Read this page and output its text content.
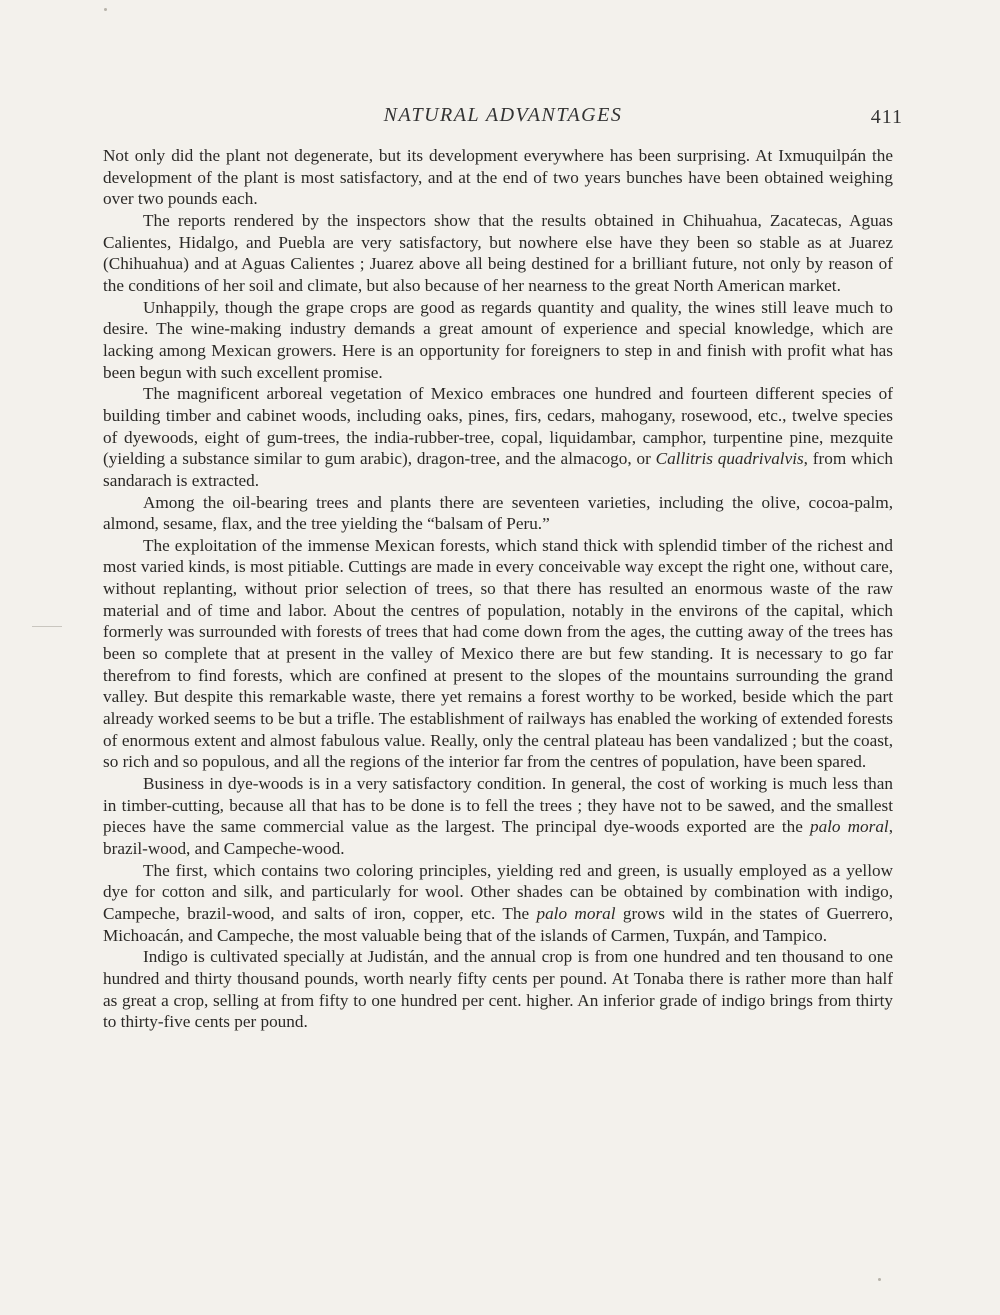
NATURAL ADVANTAGES	411

Not only did the plant not degenerate, but its development everywhere has been surprising. At Ixmuquilpán the development of the plant is most satisfactory, and at the end of two years bunches have been obtained weighing over two pounds each.

The reports rendered by the inspectors show that the results obtained in Chihuahua, Zacatecas, Aguas Calientes, Hidalgo, and Puebla are very satisfactory, but nowhere else have they been so stable as at Juarez (Chihuahua) and at Aguas Calientes ; Juarez above all being destined for a brilliant future, not only by reason of the conditions of her soil and climate, but also because of her nearness to the great North American market.

Unhappily, though the grape crops are good as regards quantity and quality, the wines still leave much to desire. The wine-making industry demands a great amount of experience and special knowledge, which are lacking among Mexican growers. Here is an opportunity for foreigners to step in and finish with profit what has been begun with such excellent promise.

The magnificent arboreal vegetation of Mexico embraces one hundred and fourteen different species of building timber and cabinet woods, including oaks, pines, firs, cedars, mahogany, rosewood, etc., twelve species of dyewoods, eight of gum-trees, the india-rubber-tree, copal, liquidambar, camphor, turpentine pine, mezquite (yielding a substance similar to gum arabic), dragon-tree, and the almacogo, or Callitris quadrivalvis, from which sandarach is extracted.

Among the oil-bearing trees and plants there are seventeen varieties, including the olive, cocoa-palm, almond, sesame, flax, and the tree yielding the “balsam of Peru.”

The exploitation of the immense Mexican forests, which stand thick with splendid timber of the richest and most varied kinds, is most pitiable. Cuttings are made in every conceivable way except the right one, without care, without replanting, without prior selection of trees, so that there has resulted an enormous waste of the raw material and of time and labor. About the centres of population, notably in the environs of the capital, which formerly was surrounded with forests of trees that had come down from the ages, the cutting away of the trees has been so complete that at present in the valley of Mexico there are but few standing. It is necessary to go far therefrom to find forests, which are confined at present to the slopes of the mountains surrounding the grand valley. But despite this remarkable waste, there yet remains a forest worthy to be worked, beside which the part already worked seems to be but a trifle. The establishment of railways has enabled the working of extended forests of enormous extent and almost fabulous value. Really, only the central plateau has been vandalized ; but the coast, so rich and so populous, and all the regions of the interior far from the centres of population, have been spared.

Business in dye-woods is in a very satisfactory condition. In general, the cost of working is much less than in timber-cutting, because all that has to be done is to fell the trees ; they have not to be sawed, and the smallest pieces have the same commercial value as the largest. The principal dye-woods exported are the palo moral, brazil-wood, and Campeche-wood.

The first, which contains two coloring principles, yielding red and green, is usually employed as a yellow dye for cotton and silk, and particularly for wool. Other shades can be obtained by combination with indigo, Campeche, brazil-wood, and salts of iron, copper, etc. The palo moral grows wild in the states of Guerrero, Michoacán, and Campeche, the most valuable being that of the islands of Carmen, Tuxpán, and Tampico.

Indigo is cultivated specially at Judistán, and the annual crop is from one hundred and ten thousand to one hundred and thirty thousand pounds, worth nearly fifty cents per pound. At Tonaba there is rather more than half as great a crop, selling at from fifty to one hundred per cent. higher. An inferior grade of indigo brings from thirty to thirty-five cents per pound.
